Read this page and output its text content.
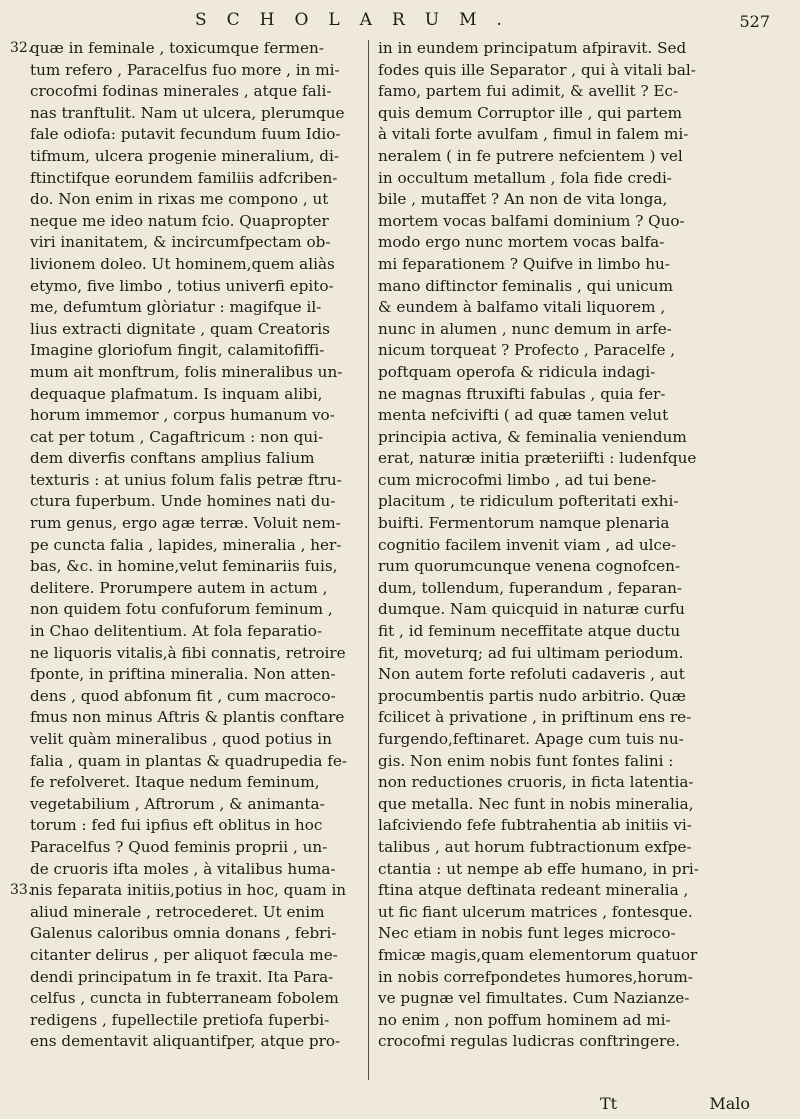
SCHOLARUM.	527
32.
33.
quæ in feminale , toxicumque fermen-
tum refero , Paracelfus fuo more , in mi-
crocofmi fodinas minerales , atque fali-
nas tranftulit. Nam ut ulcera, plerumque
fale odiofa: putavit fecundum fuum Idio-
tifmum, ulcera progenie mineralium, di-
ftinctifque eorundem familiis adfcriben-
do. Non enim in rixas me compono , ut
neque me ideo natum fcio. Quapropter
viri inanitatem, & incircumfpectam ob-
livionem doleo. Ut hominem,quem aliàs
etymo, five limbo , totius univerfi epito-
me, defumtum glòriatur : magifque il-
lius extracti dignitate , quam Creatoris
Imagine gloriofum fingit, calamitofiffi-
mum ait monftrum, folis mineralibus un-
dequaque plafmatum. Is inquam alibi,
horum immemor , corpus humanum vo-
cat per totum , Cagaftricum : non qui-
dem diverfis conftans amplius falium
texturis : at unius folum falis petræ ftru-
ctura fuperbum. Unde homines nati du-
rum genus, ergo agæ terræ. Voluit nem-
pe cuncta falia , lapides, mineralia , her-
bas, &c. in homine,velut feminariis fuis,
delitere. Prorumpere autem in actum ,
non quidem fotu confuforum feminum ,
in Chao delitentium. At fola feparatio-
ne liquoris vitalis,à fibi connatis, retroire
fponte, in priftina mineralia. Non atten-
dens , quod abfonum fit , cum macroco-
fmus non minus Aftris & plantis conftare
velit quàm mineralibus , quod potius in
falia , quam in plantas & quadrupedia fe-
fe refolveret. Itaque nedum feminum,
vegetabilium , Aftrorum , & animanta-
torum : fed fui ipfius eft oblitus in hoc
Paracelfus ? Quod feminis proprii , un-
de cruoris ifta moles , à vitalibus huma-
nis feparata initiis,potius in hoc, quam in
aliud minerale , retrocederet. Ut enim
Galenus caloribus omnia donans , febri-
citanter delirus , per aliquot fæcula me-
dendi principatum in fe traxit. Ita Para-
celfus , cuncta in fubterraneam fobolem
redigens , fupellectile pretiofa fuperbi-
ens dementavit aliquantifper, atque pro-
in in eundem principatum afpiravit. Sed
fodes quis ille Separator , qui à vitali bal-
famo, partem fui adimit, & avellit ? Ec-
quis demum Corruptor ille , qui partem
à vitali forte avulfam , fimul in falem mi-
neralem ( in fe putrere nefcientem ) vel
in occultum metallum , fola fide credi-
bile , mutaffet ? An non de vita longa,
mortem vocas balfami dominium ? Quo-
modo ergo nunc mortem vocas balfa-
mi feparationem ? Quifve in limbo hu-
mano diftinctor feminalis , qui unicum
& eundem à balfamo vitali liquorem ,
nunc in alumen , nunc demum in arfe-
nicum torqueat ? Profecto , Paracelfe ,
poftquam operofa & ridicula indagi-
ne magnas ftruxifti fabulas , quia fer-
menta nefcivifti ( ad quæ tamen velut
principia activa, & feminalia veniendum
erat, naturæ initia præteriifti : ludenfque
cum microcofmi limbo , ad tui bene-
placitum , te ridiculum pofteritati exhi-
buifti. Fermentorum namque plenaria
cognitio facilem invenit viam , ad ulce-
rum quorumcunque venena cognofcen-
dum, tollendum, fuperandum , feparan-
dumque. Nam quicquid in naturæ curfu
fit , id feminum neceffitate atque ductu
fit, moveturq; ad fui ultimam periodum.
Non autem forte refoluti cadaveris , aut
procumbentis partis nudo arbitrio. Quæ
fcilicet à privatione , in priftinum ens re-
furgendo,feftinaret. Apage cum tuis nu-
gis. Non enim nobis funt fontes falini :
non reductiones cruoris, in ficta latentia-
que metalla. Nec funt in nobis mineralia,
lafciviendo fefe fubtrahentia ab initiis vi-
talibus , aut horum fubtractionum exfpe-
ctantia : ut nempe ab effe humano, in pri-
ftina atque deftinata redeant mineralia ,
ut fic fiant ulcerum matrices , fontesque.
Nec etiam in nobis funt leges microco-
fmicæ magis,quam elementorum quatuor
in nobis correfpondetes humores,horum-
ve pugnæ vel fimultates. Cum Nazianze-
no enim , non poffum hominem ad mi-
crocofmi regulas ludicras conftringere.
Tt	Malo
